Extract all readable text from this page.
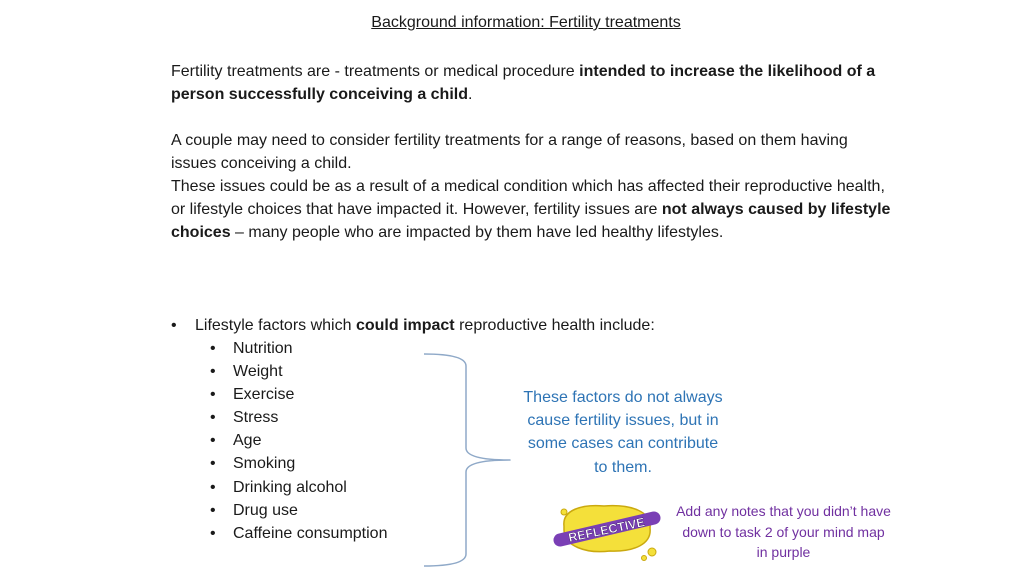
Background information: Fertility treatments

Fertility treatments are - treatments or medical procedure intended to increase the likelihood of a person successfully conceiving a child.

A couple may need to consider fertility treatments for a range of reasons, based on them having issues conceiving a child.

These issues could be as a result of a medical condition which has affected their reproductive health, or lifestyle choices that have impacted it. However, fertility issues are not always caused by lifestyle choices – many people who are impacted by them have led healthy lifestyles.

• Lifestyle factors which could impact reproductive health include:
• Nutrition
• Weight
• Exercise
• Stress
• Age
• Smoking
• Drinking alcohol
• Drug use
• Caffeine consumption
These factors do not always cause fertility issues, but in some cases can contribute to them.
REFLECTIVE
Add any notes that you didn’t have down to task 2 of your mind map in purple
